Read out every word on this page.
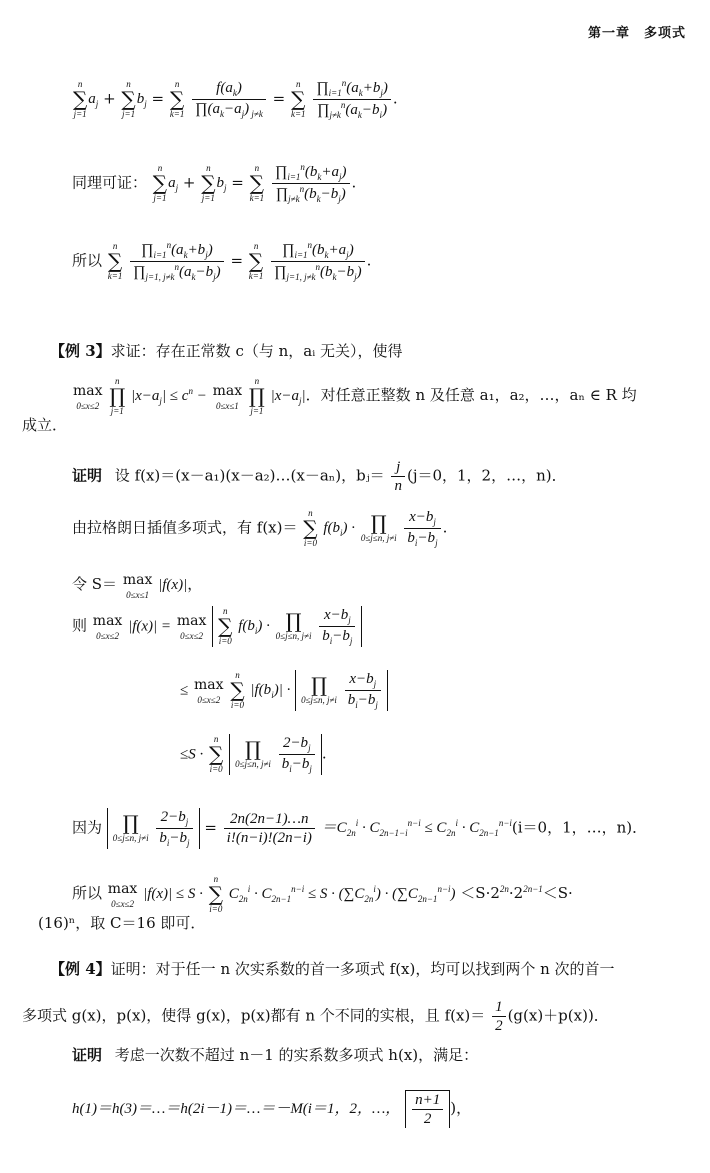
第一章　多项式
n
∑
j=1
$a_j$ +
n
∑
j=1
$b_j$ =
n
∑
k=1
$\frac{f(a_k)}{\prod(a_k-a_j) _{j\ne k}}$ =
n
∑
k=1
$\frac{\prod_{i=1}^n(a_k+b_j)}{\prod_{j\ne k}^n(a_k-b_i)}$ .
同理可证：
n
∑
j=1
$a_j$ +
n
∑
j=1
$b_j$ =
n
∑
k=1
$\frac{\prod_{i=1}^n(b_k+a_j)}{\prod_{j\ne k}^n(b_k-b_j)}$ .
所以
n
∑
k=1
$\frac{\prod_{i=1}^n(a_k+b_j)}{\prod_{j=1, j\ne k}^n(a_k-b_j)}$ =
n
∑
k=1
$\frac{\prod_{i=1}^n(b_k+a_j)}{\prod_{j=1, j\ne k}^n(b_k-b_j)}$ .
【例 3】求证：存在正常数 c（与 n，aᵢ 无关），使得
max
0≤x≤2

n
∏
j=1
$|x-a_j| \le c^n - \max$
0≤x≤1

n
∏
j=1
$|x-a_j|$．对任意正整数 n 及任意 a₁，a₂，…，aₙ ∈ R 均
成立．
证明 设 f(x)＝(x－a₁)(x－a₂)…(x－aₙ)，bⱼ＝ $\frac{j}{n} (j=0$，1，2，…，n)．
由拉格朗日插值多项式，有 f(x)＝
n
∑
i=0
$f(b_i)$ · ∏
0≤j≤n, j≠i
$\frac{x-b_j}{b_i-b_j}$ .
令 S＝ max
0≤x≤1
|f(x)|，
则 max
0≤x≤2
|f(x)| = max
0≤x≤2

n
∑
i=0
$f(b_i)$ · ∏
0≤j≤n, j≠i
$\frac{x-b_j}{b_i-b_j}$
≤ max
0≤x≤2

n
∑
i=0
$|f(b_i)|$ ·	∏
0≤j≤n, j≠i
$\frac{x-b_j}{b_i-b_j}$
≤S ·
n
∑
i=0

∏
0≤j≤n, j≠i
$\frac{2-b_j}{b_i-b_j}$ .
因为	∏
0≤j≤n, j≠i
$\frac{2-b_j}{b_i-b_j} = \frac{2n(2n-1)\dots n}{i!(n-i)!(2n-i)} =C_{2n}^i \cdot C_{2n-1-i}^{n-i} \le C_{2n}^i \cdot C_{2n-1}^{n-i}(i=0$，1，…，n)．
所以 max
0≤x≤2
|f(x)| ≤ S ·
n
∑
i=0
$C_{2n}^i \cdot C_{2n-1}^{n-i} \le S \cdot (\sum C_{2n}^i) \cdot (\sum C_{2n-1}^{n-i}) <S\cdot 2^{2n}\cdot 2^{2n-1}<S\cdot$
(16)ⁿ，取 C＝16 即可．
【例 4】证明：对于任一 n 次实系数的首一多项式 f(x)，均可以找到两个 n 次的首一
多项式 g(x)，p(x)，使得 g(x)，p(x)都有 n 个不同的实根，且 $f(x)= \frac{1}{2} (g(x)+p(x))$．
证明 考虑一次数不超过 n－1 的实系数多项式 h(x)，满足：
h(1)＝h(3)＝…＝h(2i－1)＝…＝－M(i＝1，2，…， $\frac{n+1}{2}$ )，
